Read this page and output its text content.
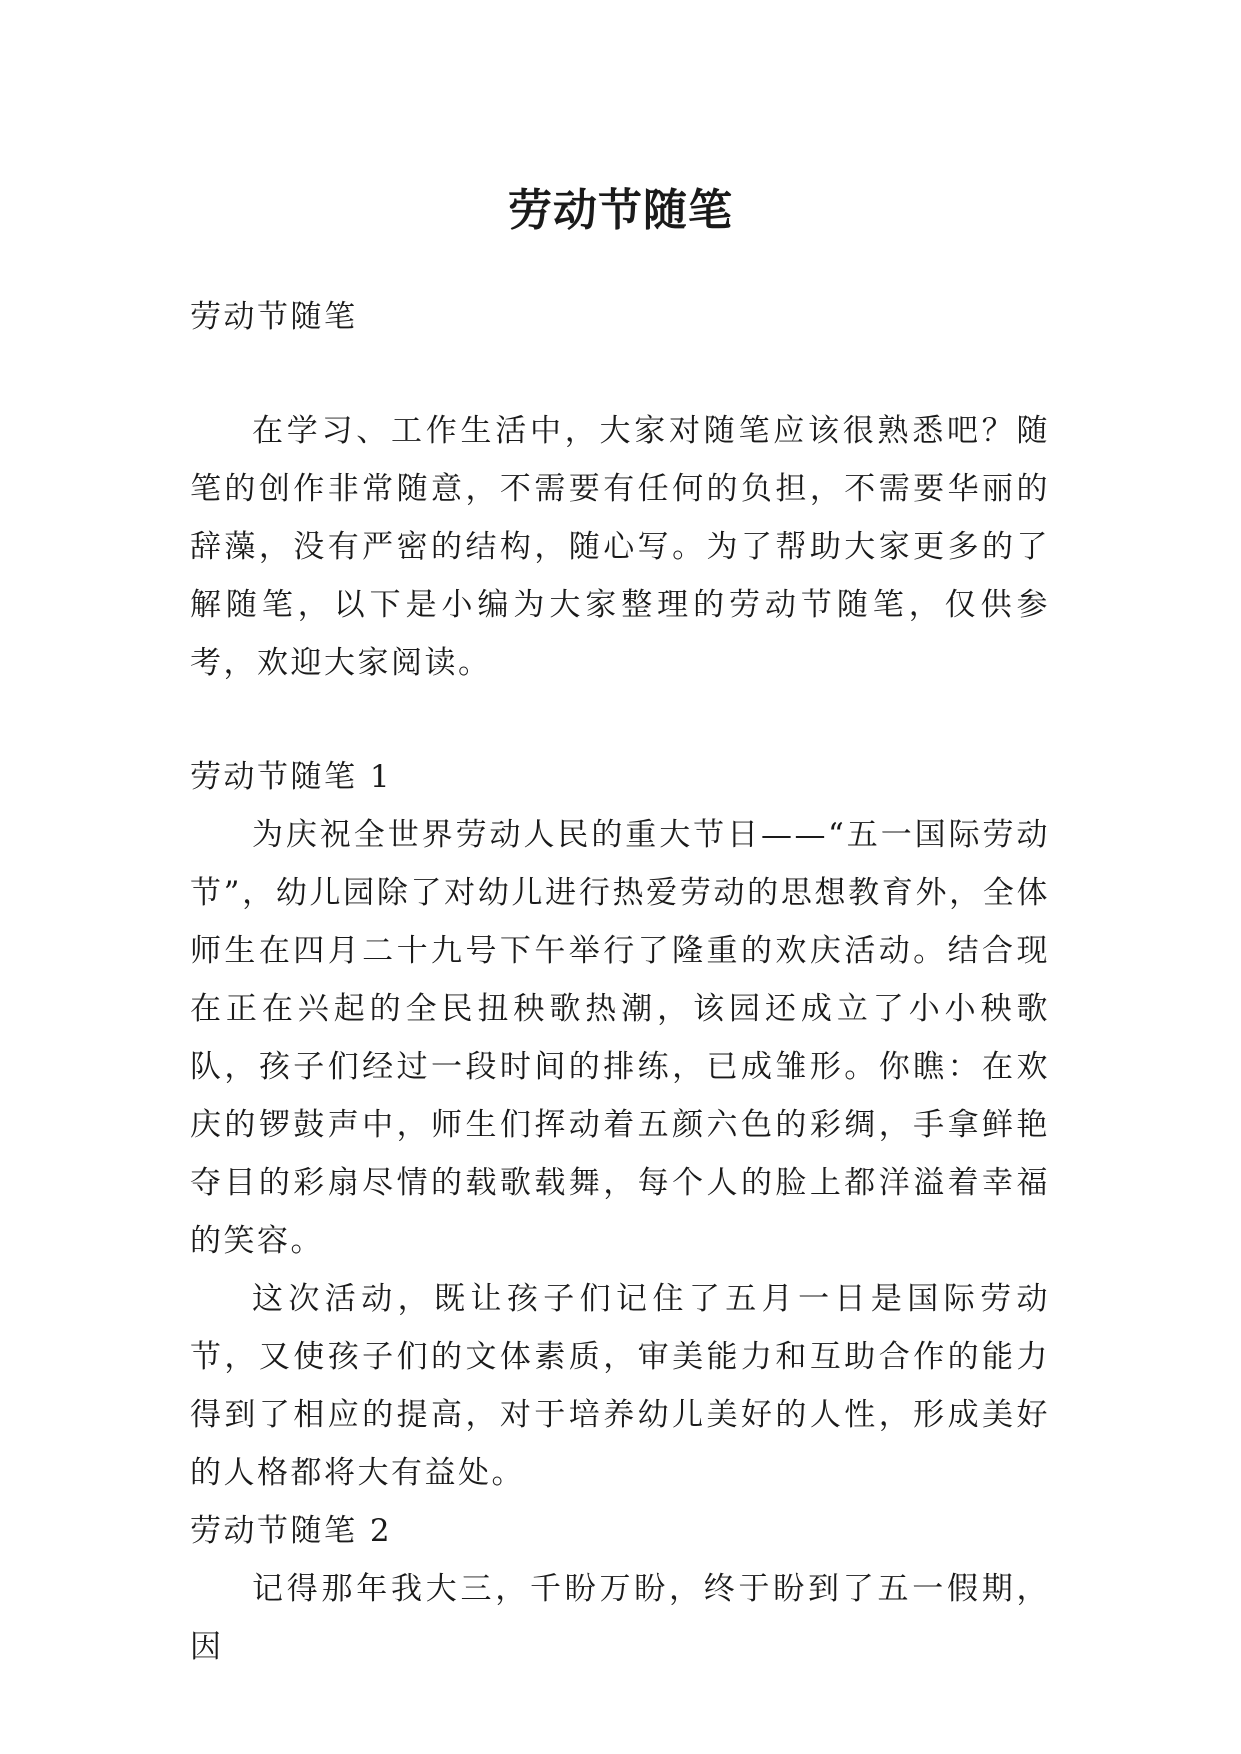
劳动节随笔

劳动节随笔

在学习、工作生活中，大家对随笔应该很熟悉吧？随笔的创作非常随意，不需要有任何的负担，不需要华丽的辞藻，没有严密的结构，随心写。为了帮助大家更多的了解随笔，以下是小编为大家整理的劳动节随笔，仅供参考，欢迎大家阅读。

劳动节随笔 1

为庆祝全世界劳动人民的重大节日——“五一国际劳动节”，幼儿园除了对幼儿进行热爱劳动的思想教育外，全体师生在四月二十九号下午举行了隆重的欢庆活动。结合现在正在兴起的全民扭秧歌热潮，该园还成立了小小秧歌队，孩子们经过一段时间的排练，已成雏形。你瞧：在欢庆的锣鼓声中，师生们挥动着五颜六色的彩绸，手拿鲜艳夺目的彩扇尽情的载歌载舞，每个人的脸上都洋溢着幸福的笑容。

这次活动，既让孩子们记住了五月一日是国际劳动节，又使孩子们的文体素质，审美能力和互助合作的能力得到了相应的提高，对于培养幼儿美好的人性，形成美好的人格都将大有益处。

劳动节随笔 2

记得那年我大三，千盼万盼，终于盼到了五一假期，因
